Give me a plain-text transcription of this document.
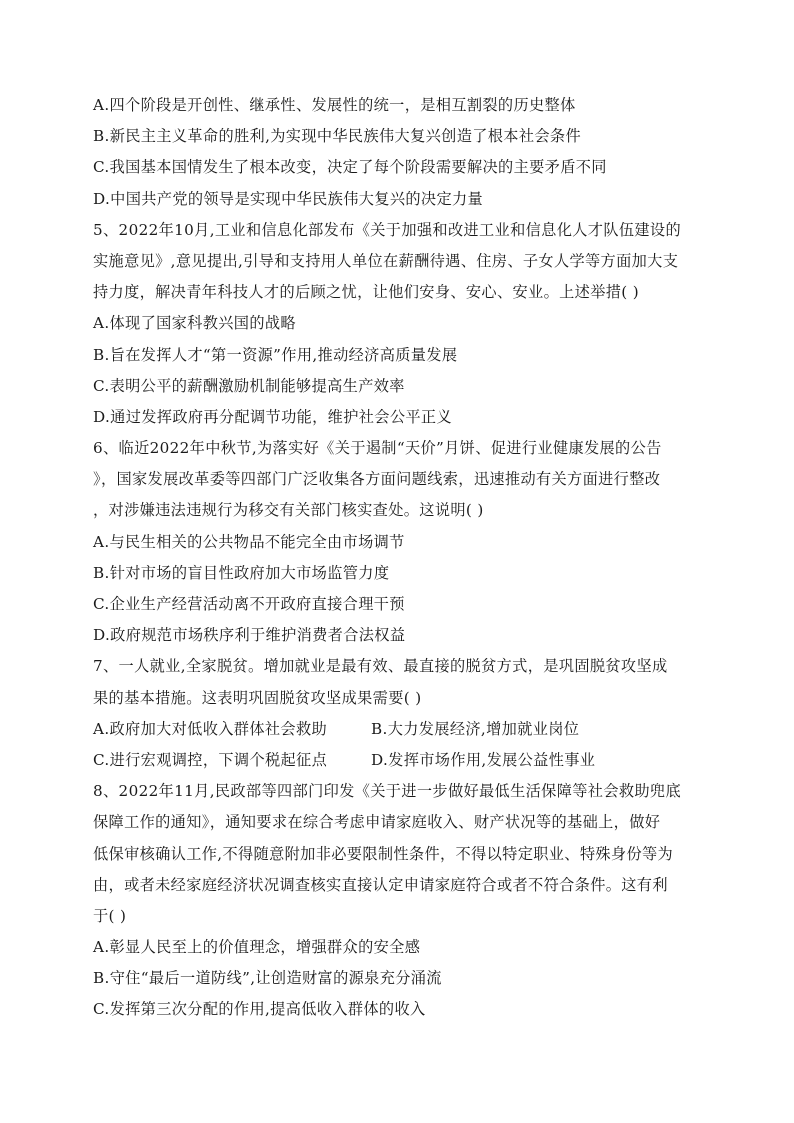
A.四个阶段是开创性、继承性、发展性的统一，是相互割裂的历史整体
B.新民主主义革命的胜利,为实现中华民族伟大复兴创造了根本社会条件
C.我国基本国情发生了根本改变，决定了每个阶段需要解决的主要矛盾不同
D.中国共产党的领导是实现中华民族伟大复兴的决定力量
5、2022年10月,工业和信息化部发布《关于加强和改进工业和信息化人才队伍建设的
实施意见》,意见提出,引导和支持用人单位在薪酬待遇、住房、子女人学等方面加大支
持力度，解决青年科技人才的后顾之忧，让他们安身、安心、安业。上述举措( )
A.体现了国家科教兴国的战略
B.旨在发挥人才“第一资源”作用,推动经济高质量发展
C.表明公平的薪酬激励机制能够提高生产效率
D.通过发挥政府再分配调节功能，维护社会公平正义
6、临近2022年中秋节,为落实好《关于遏制“天价”月饼、促进行业健康发展的公告
》，国家发展改革委等四部门广泛收集各方面问题线索，迅速推动有关方面进行整改
，对涉嫌违法违规行为移交有关部门核实查处。这说明( )
A.与民生相关的公共物品不能完全由市场调节
B.针对市场的盲目性政府加大市场监管力度
C.企业生产经营活动离不开政府直接合理干预
D.政府规范市场秩序利于维护消费者合法权益
7、一人就业,全家脱贫。增加就业是最有效、最直接的脱贫方式，是巩固脱贫攻坚成
果的基本措施。这表明巩固脱贫攻坚成果需要( )
A.政府加大对低收入群体社会救助	B.大力发展经济,增加就业岗位
C.进行宏观调控，下调个税起征点	D.发挥市场作用,发展公益性事业
8、2022年11月,民政部等四部门印发《关于进一步做好最低生活保障等社会救助兜底
保障工作的通知》，通知要求在综合考虑申请家庭收入、财产状况等的基础上，做好
低保审核确认工作,不得随意附加非必要限制性条件，不得以特定职业、特殊身份等为
由，或者未经家庭经济状况调查核实直接认定申请家庭符合或者不符合条件。这有利
于( )
A.彰显人民至上的价值理念，增强群众的安全感
B.守住“最后一道防线”,让创造财富的源泉充分涌流
C.发挥第三次分配的作用,提高低收入群体的收入
